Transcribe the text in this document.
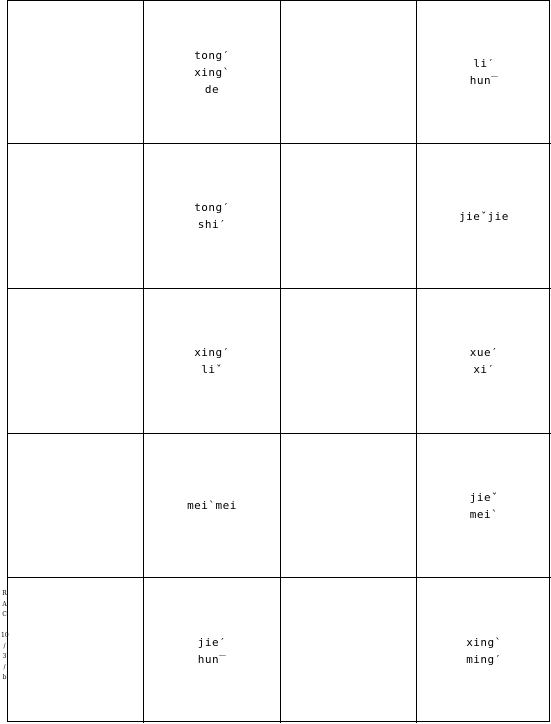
tong′
xing`
de
li′
hun‾
tong′
shi′
jieˇjie
xing′
liˇ
xue′
xi′
mei`mei
jieˇ
mei`
jie′
hun‾
xing`
ming′
R
A
C

10
/
3
/
b
